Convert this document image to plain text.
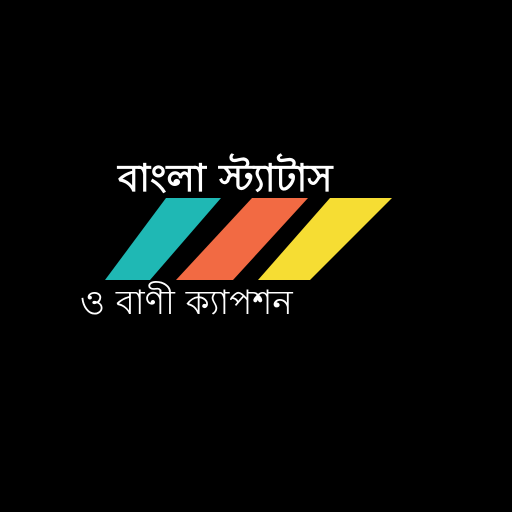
বাংলা স্ট্যাটাস
ও বাণী ক্যাপশন
